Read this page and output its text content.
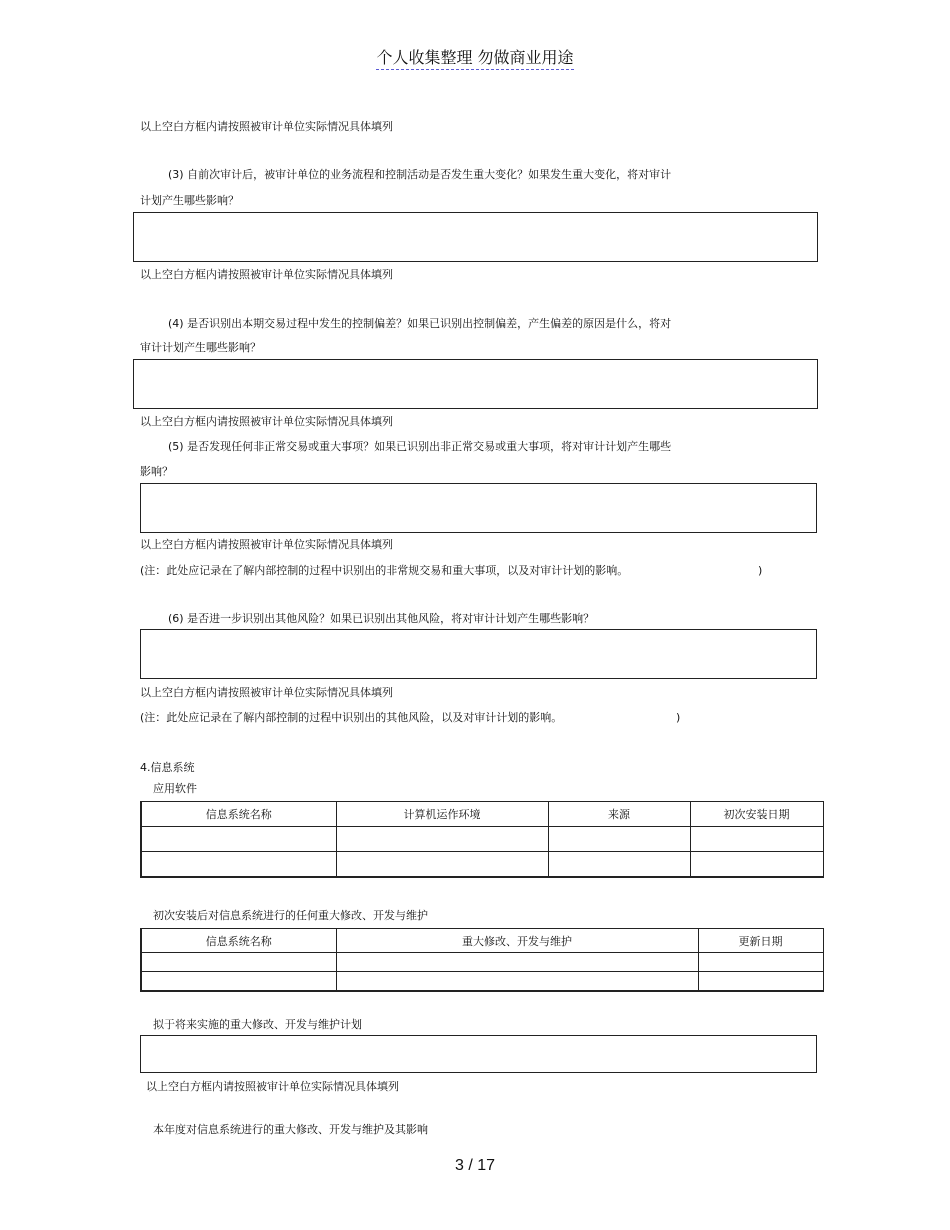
个人收集整理 勿做商业用途
以上空白方框内请按照被审计单位实际情况具体填列
(3) 自前次审计后，被审计单位的业务流程和控制活动是否发生重大变化？如果发生重大变化，将对审计
计划产生哪些影响？
以上空白方框内请按照被审计单位实际情况具体填列
(4) 是否识别出本期交易过程中发生的控制偏差？如果已识别出控制偏差，产生偏差的原因是什么，将对
审计计划产生哪些影响？
以上空白方框内请按照被审计单位实际情况具体填列
(5) 是否发现任何非正常交易或重大事项？如果已识别出非正常交易或重大事项，将对审计计划产生哪些
影响？
以上空白方框内请按照被审计单位实际情况具体填列
(注：此处应记录在了解内部控制的过程中识别出的非常规交易和重大事项，以及对审计计划的影响。	)
(6) 是否进一步识别出其他风险？如果已识别出其他风险，将对审计计划产生哪些影响？
以上空白方框内请按照被审计单位实际情况具体填列
(注：此处应记录在了解内部控制的过程中识别出的其他风险，以及对审计计划的影响。	)
4.信息系统
应用软件
信息系统名称	计算机运作环境	来源	初次安装日期

初次安装后对信息系统进行的任何重大修改、开发与维护
信息系统名称	重大修改、开发与维护	更新日期

拟于将来实施的重大修改、开发与维护计划
以上空白方框内请按照被审计单位实际情况具体填列
本年度对信息系统进行的重大修改、开发与维护及其影响
3 / 17
